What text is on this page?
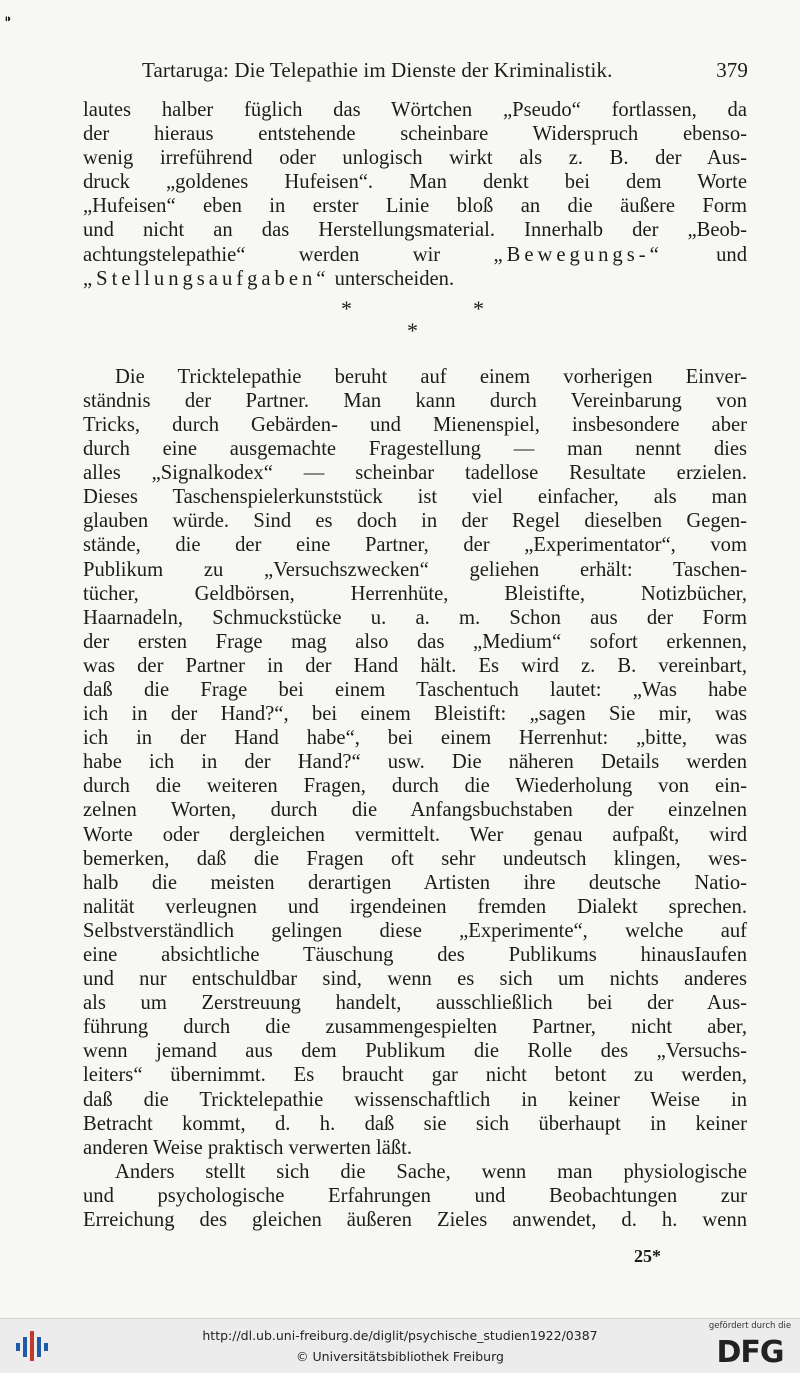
⁍
Tartaruga: Die Telepathie im Dienste der Kriminalistik.	379
lautes halber füglich das Wörtchen „Pseudo“ fortlassen, da
der hieraus entstehende scheinbare Widerspruch ebenso-
wenig irreführend oder unlogisch wirkt als z. B. der Aus-
druck „goldenes Hufeisen“. Man denkt bei dem Worte
„Hufeisen“ eben in erster Linie bloß an die äußere Form
und nicht an das Herstellungsmaterial. Innerhalb der „Beob-
achtungstelepathie“ werden wir	„Bewegungs-“	und
„Stellungsaufgaben“ unterscheiden.
*	*
*
Die Tricktelepathie beruht auf einem vorherigen Einver-
ständnis der Partner. Man kann durch Vereinbarung von
Tricks, durch Gebärden- und Mienenspiel, insbesondere aber
durch eine ausgemachte Fragestellung — man nennt dies
alles „Signalkodex“ — scheinbar tadellose Resultate erzielen.
Dieses Taschenspielerkunststück ist viel einfacher, als man
glauben würde. Sind es doch in der Regel dieselben Gegen-
stände, die der eine Partner, der „Experimentator“, vom
Publikum zu „Versuchszwecken“ geliehen erhält: Taschen-
tücher, Geldbörsen, Herrenhüte, Bleistifte, Notizbücher,
Haarnadeln, Schmuckstücke u. a. m. Schon aus der Form
der ersten Frage mag also das „Medium“ sofort erkennen,
was der Partner in der Hand hält. Es wird z. B. vereinbart,
daß die Frage bei einem Taschentuch lautet: „Was habe
ich in der Hand?“, bei einem Bleistift: „sagen Sie mir, was
ich in der Hand habe“, bei einem Herrenhut: „bitte, was
habe ich in der Hand?“ usw. Die näheren Details werden
durch die weiteren Fragen, durch die Wiederholung von ein-
zelnen Worten, durch die Anfangsbuchstaben der einzelnen
Worte oder dergleichen vermittelt. Wer genau aufpaßt, wird
bemerken, daß die Fragen oft sehr undeutsch klingen, wes-
halb die meisten derartigen Artisten ihre deutsche Natio-
nalität verleugnen und irgendeinen fremden Dialekt sprechen.
Selbstverständlich gelingen diese „Experimente“, welche auf
eine absichtliche Täuschung des Publikums hinausIaufen
und nur entschuldbar sind, wenn es sich um nichts anderes
als um Zerstreuung handelt, ausschließlich bei der Aus-
führung durch die zusammengespielten Partner, nicht aber,
wenn jemand aus dem Publikum die Rolle des „Versuchs-
leiters“ übernimmt. Es braucht gar nicht betont zu werden,
daß die Tricktelepathie wissenschaftlich in keiner Weise in
Betracht kommt, d. h. daß sie sich überhaupt in keiner
anderen Weise praktisch verwerten läßt.
Anders stellt sich die Sache, wenn man physiologische
und psychologische Erfahrungen und Beobachtungen zur
Erreichung des gleichen äußeren Zieles anwendet, d. h. wenn
25*
http://dl.ub.uni-freiburg.de/diglit/psychische_studien1922/0387
© Universitätsbibliothek Freiburg
gefördert durch die
DFG
